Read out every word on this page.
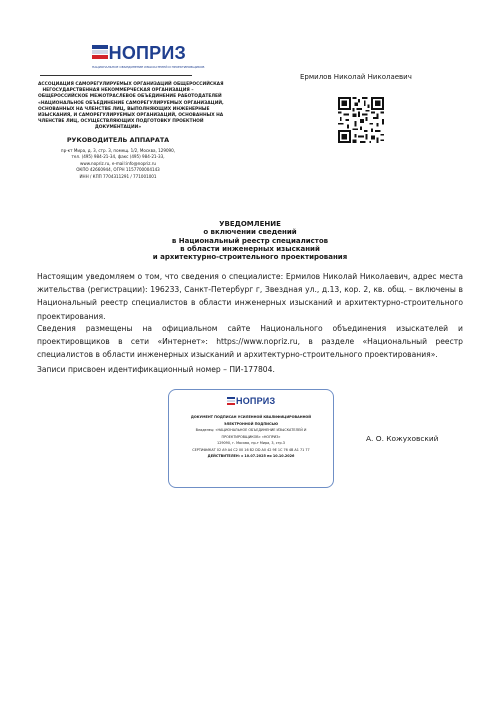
НОПРИЗ
НАЦИОНАЛЬНОЕ ОБЪЕДИНЕНИЕ ИЗЫСКАТЕЛЕЙ И ПРОЕКТИРОВЩИКОВ
АССОЦИАЦИЯ САМОРЕГУЛИРУЕМЫХ ОРГАНИЗАЦИЙ ОБЩЕРОССИЙСКАЯ
НЕГОСУДАРСТВЕННАЯ НЕКОММЕРЧЕСКАЯ ОРГАНИЗАЦИЯ –
ОБЩЕРОССИЙСКОЕ МЕЖОТРАСЛЕВОЕ ОБЪЕДИНЕНИЕ РАБОТОДАТЕЛЕЙ
«НАЦИОНАЛЬНОЕ ОБЪЕДИНЕНИЕ САМОРЕГУЛИРУЕМЫХ ОРГАНИЗАЦИЙ,
ОСНОВАННЫХ НА ЧЛЕНСТВЕ ЛИЦ, ВЫПОЛНЯЮЩИХ ИНЖЕНЕРНЫЕ
ИЗЫСКАНИЯ, И САМОРЕГУЛИРУЕМЫХ ОРГАНИЗАЦИЙ, ОСНОВАННЫХ НА
ЧЛЕНСТВЕ ЛИЦ, ОСУЩЕСТВЛЯЮЩИХ ПОДГОТОВКУ ПРОЕКТНОЙ
ДОКУМЕНТАЦИИ»
РУКОВОДИТЕЛЬ АППАРАТА
пр-кт Мира, д. 3, стр. 3, помещ. 1/2, Москва, 129090,
тел. (495) 984-21-34, факс (495) 984-21-33,
www.nopriz.ru, e-mail:info@nopriz.ru
ОКПО 42660944, ОГРН 1157700004143
ИНН / КПП 7704311291 / 771001001
Ермилов Николай Николаевич
УВЕДОМЛЕНИЕ
о включении сведений
в Национальный реестр специалистов
в области инженерных изысканий
и архитектурно-строительного проектирования
Настоящим уведомляем о том, что сведения о специалисте: Ермилов Николай Николаевич, адрес места жительства (регистрации): 196233, Санкт-Петербург г, Звездная ул., д.13, кор. 2, кв. общ. – включены в Национальный реестр специалистов в области инженерных изысканий и архитектурно-строительного проектирования.
Сведения размещены на официальном сайте Национального объединения изыскателей и проектировщиков в сети «Интернет»: https://www.nopriz.ru, в разделе «Национальный реестр специалистов в области инженерных изысканий и архитектурно-строительного проектирования».
Записи присвоен идентификационный номер – ПИ-177804.
НОПРИЗ
ДОКУМЕНТ ПОДПИСАН УСИЛЕННОЙ КВАЛИФИЦИРОВАННОЙ
ЭЛЕКТРОННОЙ ПОДПИСЬЮ
Владелец: «НАЦИОНАЛЬНОЕ ОБЪЕДИНЕНИЕ ИЗЫСКАТЕЛЕЙ И
ПРОЕКТИРОВЩИКОВ» «НОПРИЗ»
129090, г. Москва, пр-т Мира, 3, стр.3
СЕРТИФИКАТ 02 A9 A4 C2 00 16 B2 DD A0 42 9E 1C 76 4B A1 71 77
ДЕЙСТВИТЕЛЕН: с 10.07.2025 по 10.10.2026
А. О. Кожуховский
